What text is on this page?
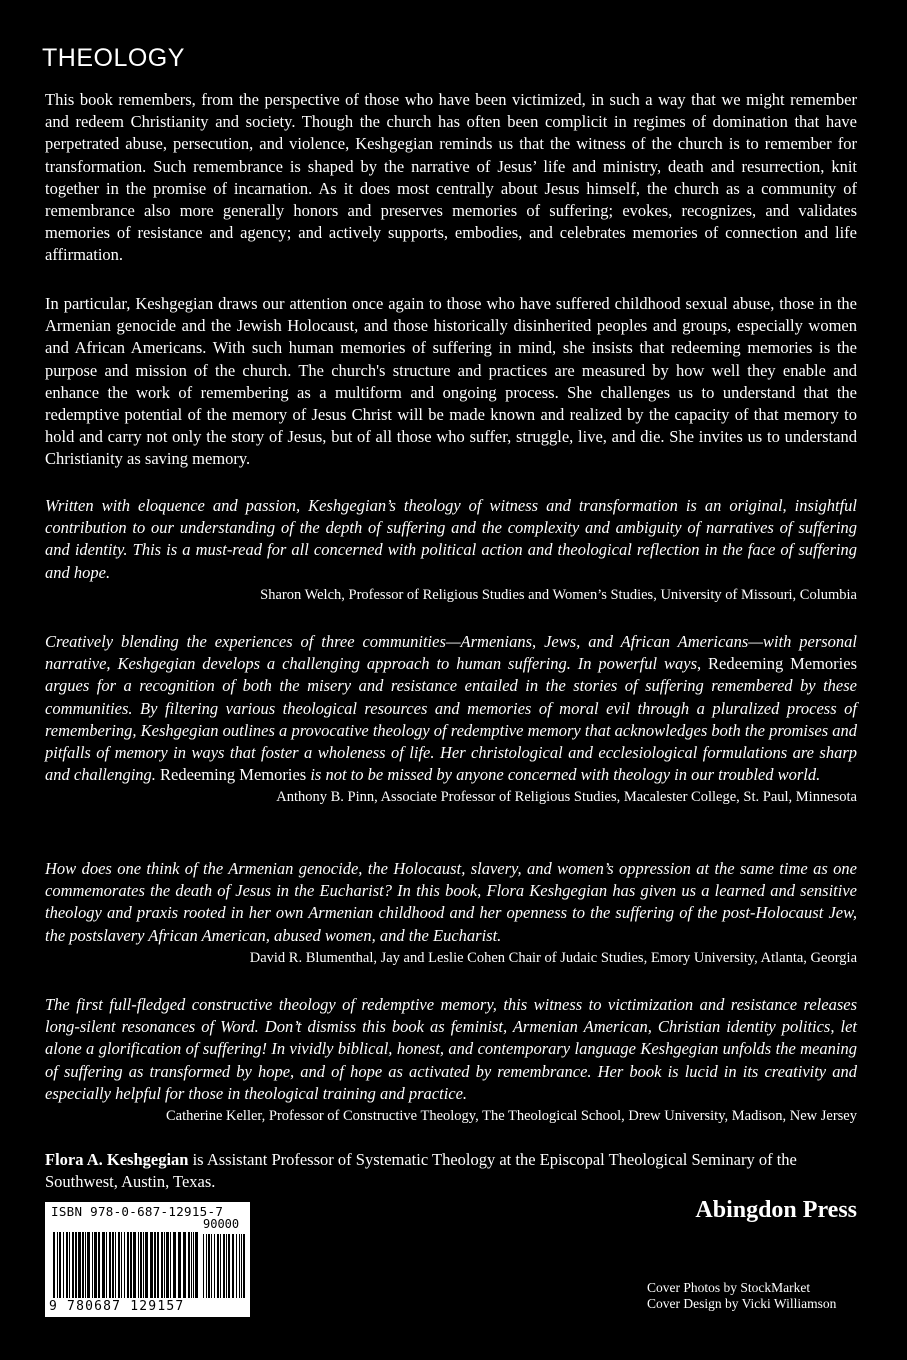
THEOLOGY

This book remembers, from the perspective of those who have been victimized, in such a way that we might remember and redeem Christianity and society. Though the church has often been complicit in regimes of domination that have perpetrated abuse, persecution, and violence, Keshgegian reminds us that the witness of the church is to remember for transformation. Such remembrance is shaped by the narrative of Jesus’ life and ministry, death and resurrection, knit together in the promise of incarnation. As it does most centrally about Jesus himself, the church as a community of remembrance also more generally honors and preserves memories of suffering; evokes, recognizes, and validates memories of resistance and agency; and actively supports, embodies, and celebrates memories of connection and life affirmation.

In particular, Keshgegian draws our attention once again to those who have suffered childhood sexual abuse, those in the Armenian genocide and the Jewish Holocaust, and those historically disinherited peoples and groups, especially women and African Americans. With such human memories of suffering in mind, she insists that redeeming memories is the purpose and mission of the church. The church's structure and practices are measured by how well they enable and enhance the work of remembering as a multiform and ongoing process. She challenges us to understand that the redemptive potential of the memory of Jesus Christ will be made known and realized by the capacity of that memory to hold and carry not only the story of Jesus, but of all those who suffer, struggle, live, and die. She invites us to understand Christianity as saving memory.

Written with eloquence and passion, Keshgegian’s theology of witness and transformation is an original, insightful contribution to our understanding of the depth of suffering and the complexity and ambiguity of narratives of suffering and identity. This is a must-read for all concerned with political action and theological reflection in the face of suffering and hope.

Sharon Welch, Professor of Religious Studies and Women’s Studies, University of Missouri, Columbia

Creatively blending the experiences of three communities—Armenians, Jews, and African Americans—with personal narrative, Keshgegian develops a challenging approach to human suffering. In powerful ways, Redeeming Memories argues for a recognition of both the misery and resistance entailed in the stories of suffering remembered by these communities. By filtering various theological resources and memories of moral evil through a pluralized process of remembering, Keshgegian outlines a provocative theology of redemptive memory that acknowledges both the promises and pitfalls of memory in ways that foster a wholeness of life. Her christological and ecclesiological formulations are sharp and challenging. Redeeming Memories is not to be missed by anyone concerned with theology in our troubled world.

Anthony B. Pinn, Associate Professor of Religious Studies, Macalester College, St. Paul, Minnesota

How does one think of the Armenian genocide, the Holocaust, slavery, and women’s oppression at the same time as one commemorates the death of Jesus in the Eucharist? In this book, Flora Keshgegian has given us a learned and sensitive theology and praxis rooted in her own Armenian childhood and her openness to the suffering of the post-Holocaust Jew, the postslavery African American, abused women, and the Eucharist.

David R. Blumenthal, Jay and Leslie Cohen Chair of Judaic Studies, Emory University, Atlanta, Georgia

The first full-fledged constructive theology of redemptive memory, this witness to victimization and resistance releases long-silent resonances of Word. Don’t dismiss this book as feminist, Armenian American, Christian identity politics, let alone a glorification of suffering! In vividly biblical, honest, and contemporary language Keshgegian unfolds the meaning of suffering as transformed by hope, and of hope as activated by remembrance. Her book is lucid in its creativity and especially helpful for those in theological training and practice.

Catherine Keller, Professor of Constructive Theology, The Theological School, Drew University, Madison, New Jersey

Flora A. Keshgegian is Assistant Professor of Systematic Theology at the Episcopal Theological Seminary of the Southwest, Austin, Texas.

ISBN 978-0-687-12915-7
90000
9 780687 129157
Abingdon Press
Cover Photos by StockMarket
Cover Design by Vicki Williamson
